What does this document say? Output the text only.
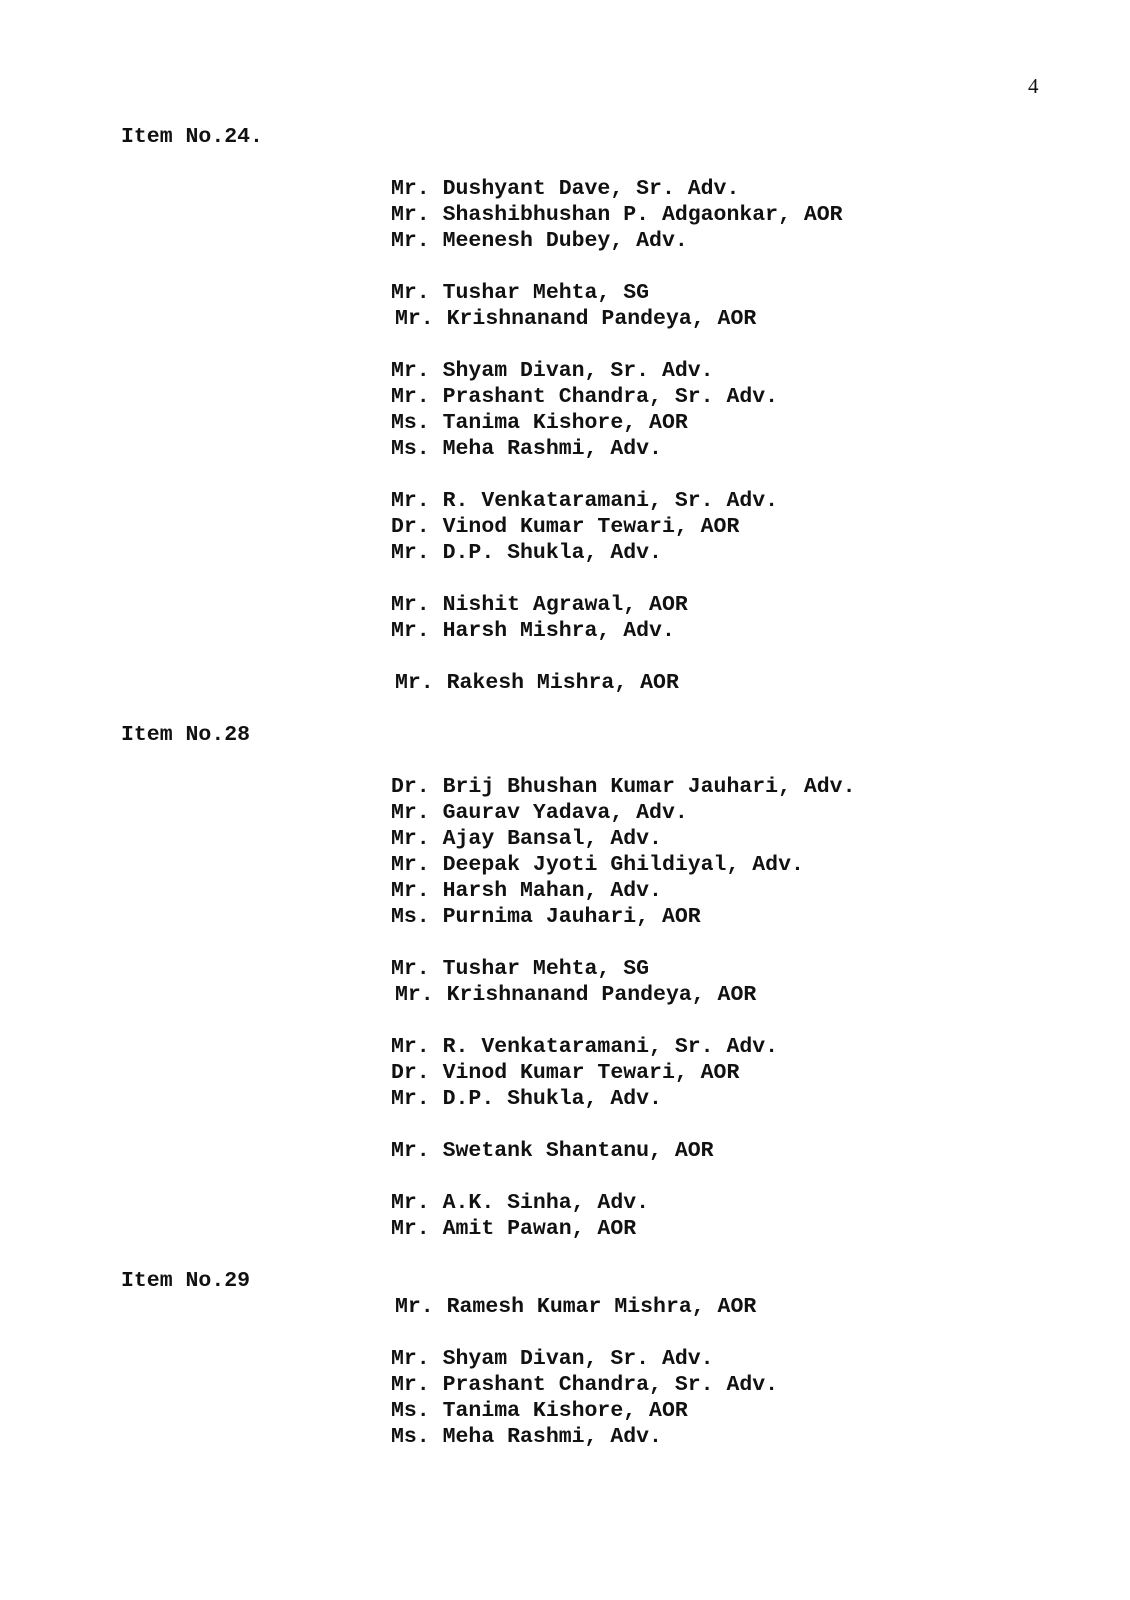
4
Item No.24.
Mr. Dushyant Dave, Sr. Adv.
Mr. Shashibhushan P. Adgaonkar, AOR
Mr. Meenesh Dubey, Adv.
Mr. Tushar Mehta, SG
Mr. Krishnanand Pandeya, AOR
Mr. Shyam Divan, Sr. Adv.
Mr. Prashant Chandra, Sr. Adv.
Ms. Tanima Kishore, AOR
Ms. Meha Rashmi, Adv.
Mr. R. Venkataramani, Sr. Adv.
Dr. Vinod Kumar Tewari, AOR
Mr. D.P. Shukla, Adv.
Mr. Nishit Agrawal, AOR
Mr. Harsh Mishra, Adv.
Mr. Rakesh Mishra, AOR
Item No.28
Dr. Brij Bhushan Kumar Jauhari, Adv.
Mr. Gaurav Yadava, Adv.
Mr. Ajay Bansal, Adv.
Mr. Deepak Jyoti Ghildiyal, Adv.
Mr. Harsh Mahan, Adv.
Ms. Purnima Jauhari, AOR
Mr. Tushar Mehta, SG
Mr. Krishnanand Pandeya, AOR
Mr. R. Venkataramani, Sr. Adv.
Dr. Vinod Kumar Tewari, AOR
Mr. D.P. Shukla, Adv.
Mr. Swetank Shantanu, AOR
Mr. A.K. Sinha, Adv.
Mr. Amit Pawan, AOR
Item No.29
Mr. Ramesh Kumar Mishra, AOR
Mr. Shyam Divan, Sr. Adv.
Mr. Prashant Chandra, Sr. Adv.
Ms. Tanima Kishore, AOR
Ms. Meha Rashmi, Adv.
